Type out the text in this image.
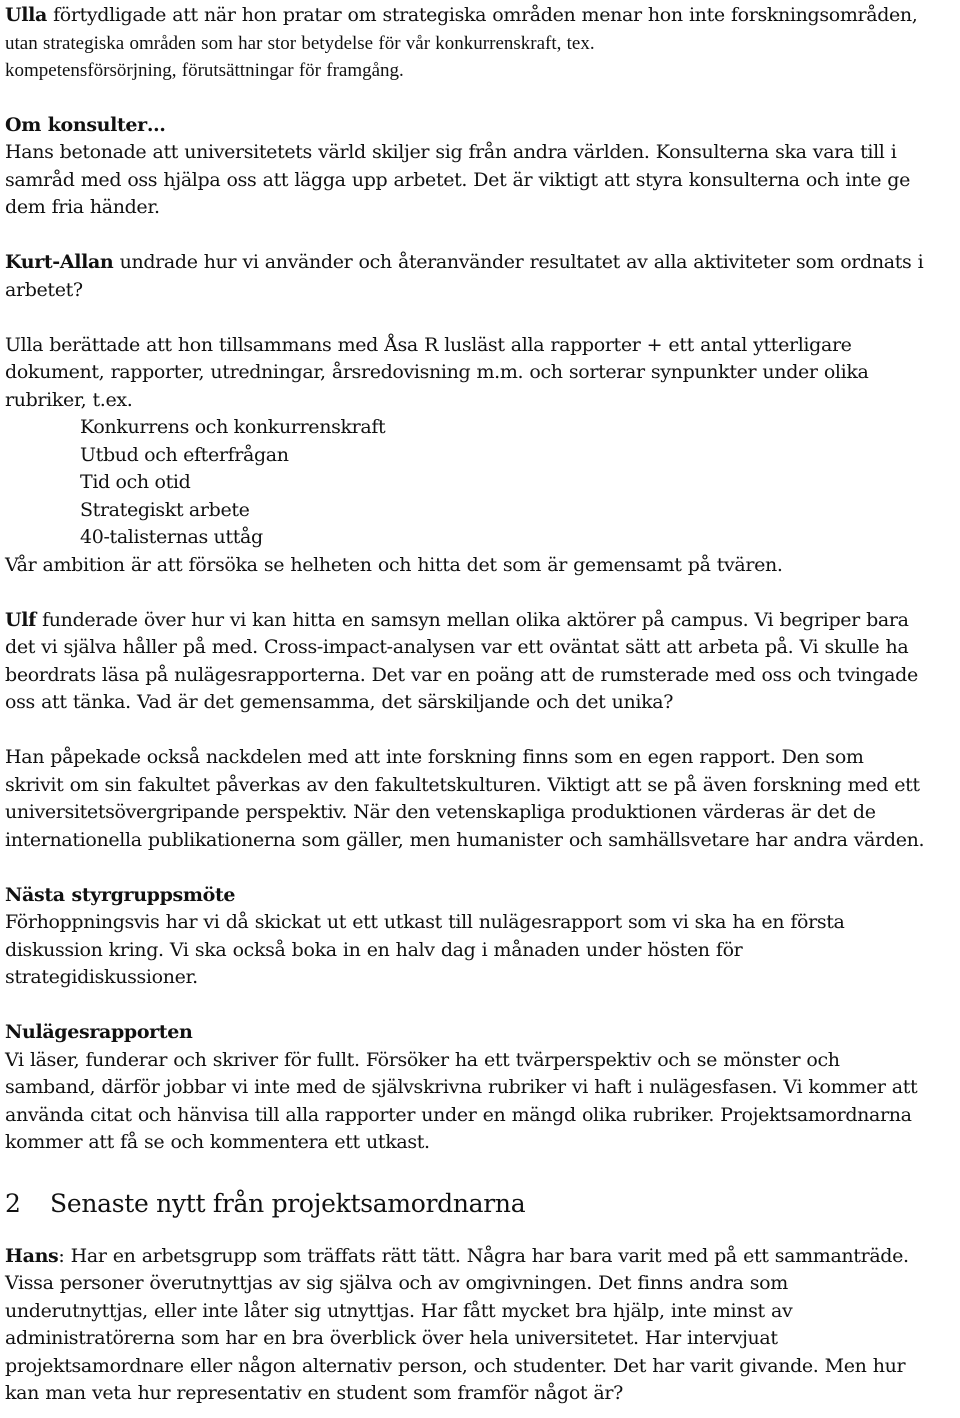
Ulla förtydligade att när hon pratar om strategiska områden menar hon inte forskningsområden,

utan strategiska områden som har stor betydelse för vår konkurrenskraft, tex.

kompetensförsörjning, förutsättningar för framgång.

Om konsulter…

Hans betonade att universitetets värld skiljer sig från andra världen. Konsulterna ska vara till i

samråd med oss hjälpa oss att lägga upp arbetet. Det är viktigt att styra konsulterna och inte ge

dem fria händer.

Kurt-Allan undrade hur vi använder och återanvänder resultatet av alla aktiviteter som ordnats i

arbetet?

Ulla berättade att hon tillsammans med Åsa R lusläst alla rapporter + ett antal ytterligare

dokument, rapporter, utredningar, årsredovisning m.m. och sorterar synpunkter under olika

rubriker, t.ex.

Konkurrens och konkurrenskraft
Utbud och efterfrågan
Tid och otid
Strategiskt arbete
40-talisternas uttåg

Vår ambition är att försöka se helheten och hitta det som är gemensamt på tvären.

Ulf funderade över hur vi kan hitta en samsyn mellan olika aktörer på campus. Vi begriper bara

det vi själva håller på med. Cross-impact-analysen var ett oväntat sätt att arbeta på. Vi skulle ha

beordrats läsa på nulägesrapporterna. Det var en poäng att de rumsterade med oss och tvingade

oss att tänka. Vad är det gemensamma, det särskiljande och det unika?

Han påpekade också nackdelen med att inte forskning finns som en egen rapport. Den som

skrivit om sin fakultet påverkas av den fakultetskulturen. Viktigt att se på även forskning med ett

universitetsövergripande perspektiv. När den vetenskapliga produktionen värderas är det de

internationella publikationerna som gäller, men humanister och samhällsvetare har andra värden.

Nästa styrgruppsmöte

Förhoppningsvis har vi då skickat ut ett utkast till nulägesrapport som vi ska ha en första

diskussion kring. Vi ska också boka in en halv dag i månaden under hösten för

strategidiskussioner.

Nulägesrapporten

Vi läser, funderar och skriver för fullt. Försöker ha ett tvärperspektiv och se mönster och

samband, därför jobbar vi inte med de självskrivna rubriker vi haft i nulägesfasen. Vi kommer att

använda citat och hänvisa till alla rapporter under en mängd olika rubriker. Projektsamordnarna

kommer att få se och kommentera ett utkast.

2 Senaste nytt från projektsamordnarna

Hans: Har en arbetsgrupp som träffats rätt tätt. Några har bara varit med på ett sammanträde.

Vissa personer överutnyttjas av sig själva och av omgivningen. Det finns andra som

underutnyttjas, eller inte låter sig utnyttjas. Har fått mycket bra hjälp, inte minst av

administratörerna som har en bra överblick över hela universitetet. Har intervjuat

projektsamordnare eller någon alternativ person, och studenter. Det har varit givande. Men hur

kan man veta hur representativ en student som framför något är?
